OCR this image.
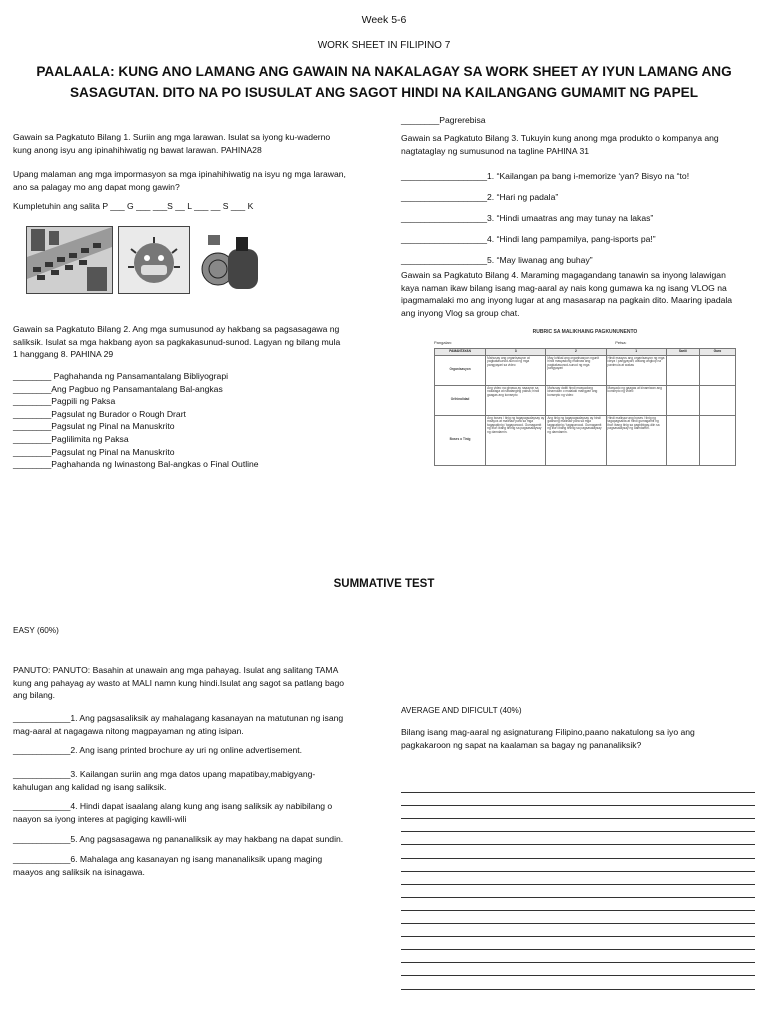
Week 5-6
WORK SHEET IN FILIPINO 7
PAALAALA: KUNG ANO LAMANG ANG GAWAIN NA NAKALAGAY SA WORK SHEET AY IYUN LAMANG ANG
SASAGUTAN. DITO NA PO ISUSULAT ANG SAGOT HINDI NA KAILANGANG GUMAMIT NG PAPEL
Gawain sa Pagkatuto Bilang 1. Suriin ang mga larawan. Isulat sa iyong ku-waderno
kung anong isyu ang ipinahihiwatig ng bawat larawan. PAHINA28
Upang malaman ang mga impormasyon sa mga ipinahihiwatig na isyu ng mga larawan,
ano sa palagay mo ang dapat mong gawin?
Kumpletuhin ang salita P ___ G ___ ___S __ L ___ __ S ___ K
Gawain sa Pagkatuto Bilang 2. Ang mga sumusunod ay hakbang sa pagsasagawa ng
saliksik. Isulat sa mga hakbang ayon sa pagkakasunud-sunod. Lagyan ng bilang mula
1 hanggang 8. PAHINA 29
________ Paghahanda ng Pansamantalang Bibliyograpi
________Ang Pagbuo ng Pansamantalang Bal-angkas
________Pagpili ng Paksa
________Pagsulat ng Burador o Rough Drart
________Pagsulat ng Pinal na Manuskrito
________Paglilimita ng Paksa
________Pagsulat ng Pinal na Manuskrito
________Paghahanda ng Iwinastong Bal-angkas o Final Outline
________Pagrerebisa
Gawain sa Pagkatuto Bilang 3. Tukuyin kung anong mga produkto o kompanya ang
nagtataglay ng sumusunod na tagline PAHINA 31
__________________1. “Kailangan pa bang i-memorize ‘yan? Bisyo na “to!
__________________2. “Hari ng padala”
__________________3. “Hindi umaatras ang may tunay na lakas”
__________________4. “Hindi lang pampamilya, pang-isports pa!”
__________________5. “May liwanag ang buhay”
Gawain sa Pagkatuto Bilang 4. Maraming magagandang tanawin sa inyong lalawigan
kaya naman ikaw bilang isang mag-aaral ay nais kong gumawa ka ng isang VLOG na
ipagmamalaki mo ang inyong lugar at ang masasarap na pagkain dito. Maaring ipadala
ang inyong Vlog sa group chat.
RUBRIC SA MALIKHAING PAGKUNUNENTO
Pangalan:	Petsa:
PAMANTAYAN	3	2	1	Sariii	Guro
Organisasyon	Mahusay ang organisasyon at pagkakasunod-sunod ng mga pangyayari sa video	May lohikal ang organisasyon ngunit hindi masyadong malinaw ang pagkakasunod-sunod ng mga pangyayari	Hindi maayos ang organisasyon ng mga ideya / pangyayari; walang angkop na panimula at wakas		
Orihinalidad	Ang video na ginawa ay naaayon sa nakalaga at natatanging paksa; hindi gaagas ang konsepto	Mahusay datiti hindi masyadong kinamulan o malalaki mangyari ang konsepto ng video	Masyado ng gaagas at kinamiwan ang konsepto ng video		
Boses o Tinig	Ang boses / tinig ng tagapagsalaysay ay maayos at malinaw para sa mga tagapakinig / tagapanood. Gumagamit ng iba't ibang tininig sa pagsasalaysay ng damdamin.	Ang tinig ng tagapagsalaysay ay hindi gaanong malinaw para sa mga tagapakinig / tagapanood. Gumagamit ng iba't ibang tininig sa pagsasalaysay ng damdamin.	Hindi malinaw ang boses / tinig ng tagapagsalita at hindi gumagamit ng iba't ibang tinig sa pagbibigay-diin sa pagsasalaysay ng damdamin.		
SUMMATIVE TEST
EASY (60%)
PANUTO: PANUTO: Basahin at unawain ang mga pahayag. Isulat ang salitang TAMA
kung ang pahayag ay wasto at MALI namn kung hindi.Isulat ang sagot sa patlang bago
ang bilang.
____________1. Ang pagsasaliksik ay mahalagang kasanayan na matutunan ng isang
mag-aaral at nagagawa nitong magpayaman ng ating isipan.
____________2. Ang isang printed brochure ay uri ng online advertisement.
____________3. Kailangan suriin ang mga datos upang mapatibay,mabigyang-
kahulugan ang kalidad ng isang saliksik.
____________4. Hindi dapat isaalang alang kung ang isang saliksik ay nabibilang o
naayon sa iyong interes at pagiging kawili-wili
____________5. Ang pagsasagawa ng pananaliksik ay may hakbang na dapat sundin.
____________6. Mahalaga ang kasanayan ng isang mananaliksik upang maging
maayos ang saliksik na isinagawa.
AVERAGE AND DIFICULT (40%)
Bilang isang mag-aaral ng asignaturang Filipino,paano nakatulong sa iyo ang
pagkakaroon ng sapat na kaalaman sa bagay ng pananaliksik?
